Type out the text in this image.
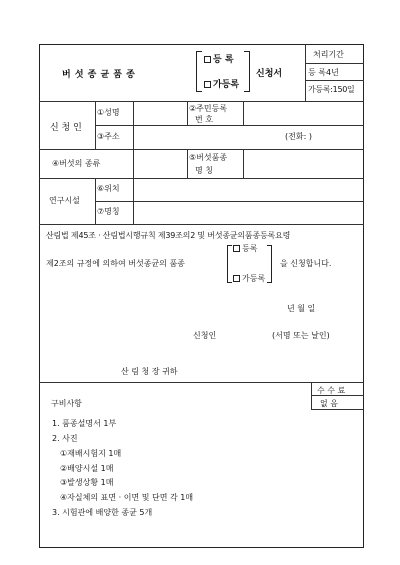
버 섯 종 균 품 종
등 록
가등록
신청서
처리기간
등 록4년
가등록:150일
신 청 인
①성명	②주민등록
번 호
③주소	(전화: )
④버섯의 종류
⑤버섯품종
명 칭
연구시설
⑥위치
⑦명칭
산림법 제45조 · 산림법시행규칙 제39조의2 및 버섯종균의품종등록요령
제2조의 규정에 의하여 버섯종균의 품종
등록
가등록
을 신청합니다.
년 월 일
신청인	(서명 또는 날인)
산 림 청 장 귀하
구비사항
수 수 료
없 음
1. 품종설명서 1부
2. 사진
①재배시험지 1매
②배양시설 1매
③발생상황 1매
④자실체의 표면 · 이면 및 단면 각 1매
3. 시험관에 배양한 종균 5개
